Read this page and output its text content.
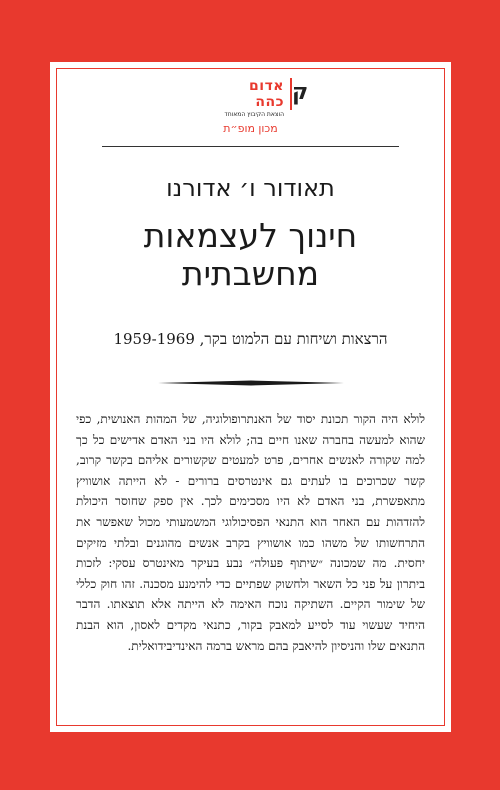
אדום כהה
הוצאת הקיבוץ המאוחד
ק
מכון מופ״ת
תאודור ו׳ אדורנו
חינוך לעצמאות
מחשבתית
הרצאות ושיחות עם הלמוט בקר, 1959-1969
לולא היה הקור תכונת יסוד של האנתרופולוגיה, של המהות האנושית, כפי שהוא למעשה בחברה שאנו חיים בה; לולא היו בני האדם אדישים כל כך למה שקורה לאנשים אחרים, פרט למעטים שקשורים אליהם בקשר קרוב, קשר שכרוכים בו לעתים גם אינטרסים ברורים - לא הייתה אושוויץ מתאפשרת, בני האדם לא היו מסכימים לכך. אין ספק שחוסר היכולת להזדהות עם האחר הוא התנאי הפסיכולוגי המשמעותי מכול שאפשר את התרחשותו של משהו כמו אושוויץ בקרב אנשים מהוגנים ובלתי מזיקים יחסית. מה שמכונה ״שיתוף פעולה״ נבע בעיקר מאינטרס עסקי: לזכות ביתרון על פני כל השאר ולחשוק שפתיים כדי להימנע מסכנה. זהו חוק כללי של שימור הקיים. השתיקה נוכח האימה לא הייתה אלא תוצאתו. הדבר היחיד שעשוי עוד לסייע למאבק בקור, כתנאי מקדים לאסון, הוא הבנת התנאים שלו והניסיון להיאבק בהם מראש ברמה האינדיבידואלית.
